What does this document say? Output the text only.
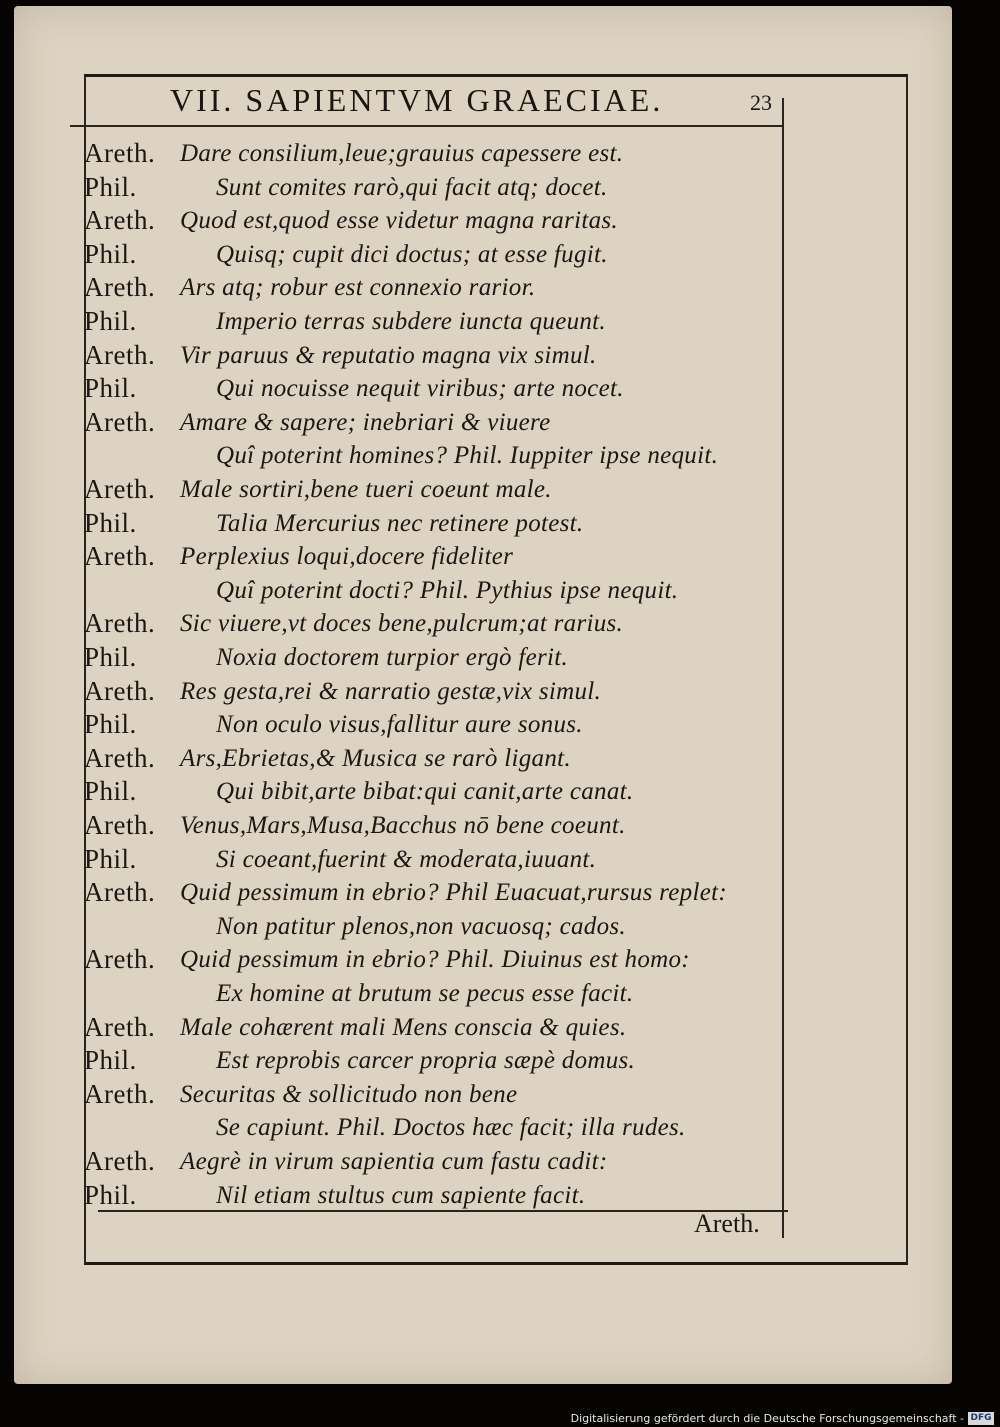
VII. SAPIENTVM GRAECIAE.	23
Areth. Dare consilium,leue;grauius capessere est.
Phil.	Sunt comites rarò,qui facit atq; docet.
Areth. Quod est,quod esse videtur magna raritas.
Phil.	Quisq; cupit dici doctus; at esse fugit.
Areth. Ars atq; robur est connexio rarior.
Phil.	Imperio terras subdere iuncta queunt.
Areth. Vir paruus & reputatio magna vix simul.
Phil.	Qui nocuisse nequit viribus; arte nocet.
Areth. Amare & sapere; inebriari & viuere
Quî poterint homines? Phil. Iuppiter ipse nequit.
Areth. Male sortiri,bene tueri coeunt male.
Phil.	Talia Mercurius nec retinere potest.
Areth. Perplexius loqui,docere fideliter
Quî poterint docti? Phil. Pythius ipse nequit.
Areth. Sic viuere,vt doces bene,pulcrum;at rarius.
Phil.	Noxia doctorem turpior ergò ferit.
Areth. Res gesta,rei & narratio gestæ,vix simul.
Phil.	Non oculo visus,fallitur aure sonus.
Areth. Ars,Ebrietas,& Musica se rarò ligant.
Phil.	Qui bibit,arte bibat:qui canit,arte canat.
Areth. Venus,Mars,Musa,Bacchus nō bene coeunt.
Phil.	Si coeant,fuerint & moderata,iuuant.
Areth. Quid pessimum in ebrio? Phil Euacuat,rursus replet:
Non patitur plenos,non vacuosq; cados.
Areth. Quid pessimum in ebrio? Phil. Diuinus est homo:
Ex homine at brutum se pecus esse facit.
Areth. Male cohærent mali Mens conscia & quies.
Phil.	Est reprobis carcer propria sæpè domus.
Areth. Securitas & sollicitudo non bene
Se capiunt. Phil. Doctos hæc facit; illa rudes.
Areth. Aegrè in virum sapientia cum fastu cadit:
Phil.	Nil etiam stultus cum sapiente facit.
Areth.
Digitalisierung gefördert durch die Deutsche Forschungsgemeinschaft - DFG
